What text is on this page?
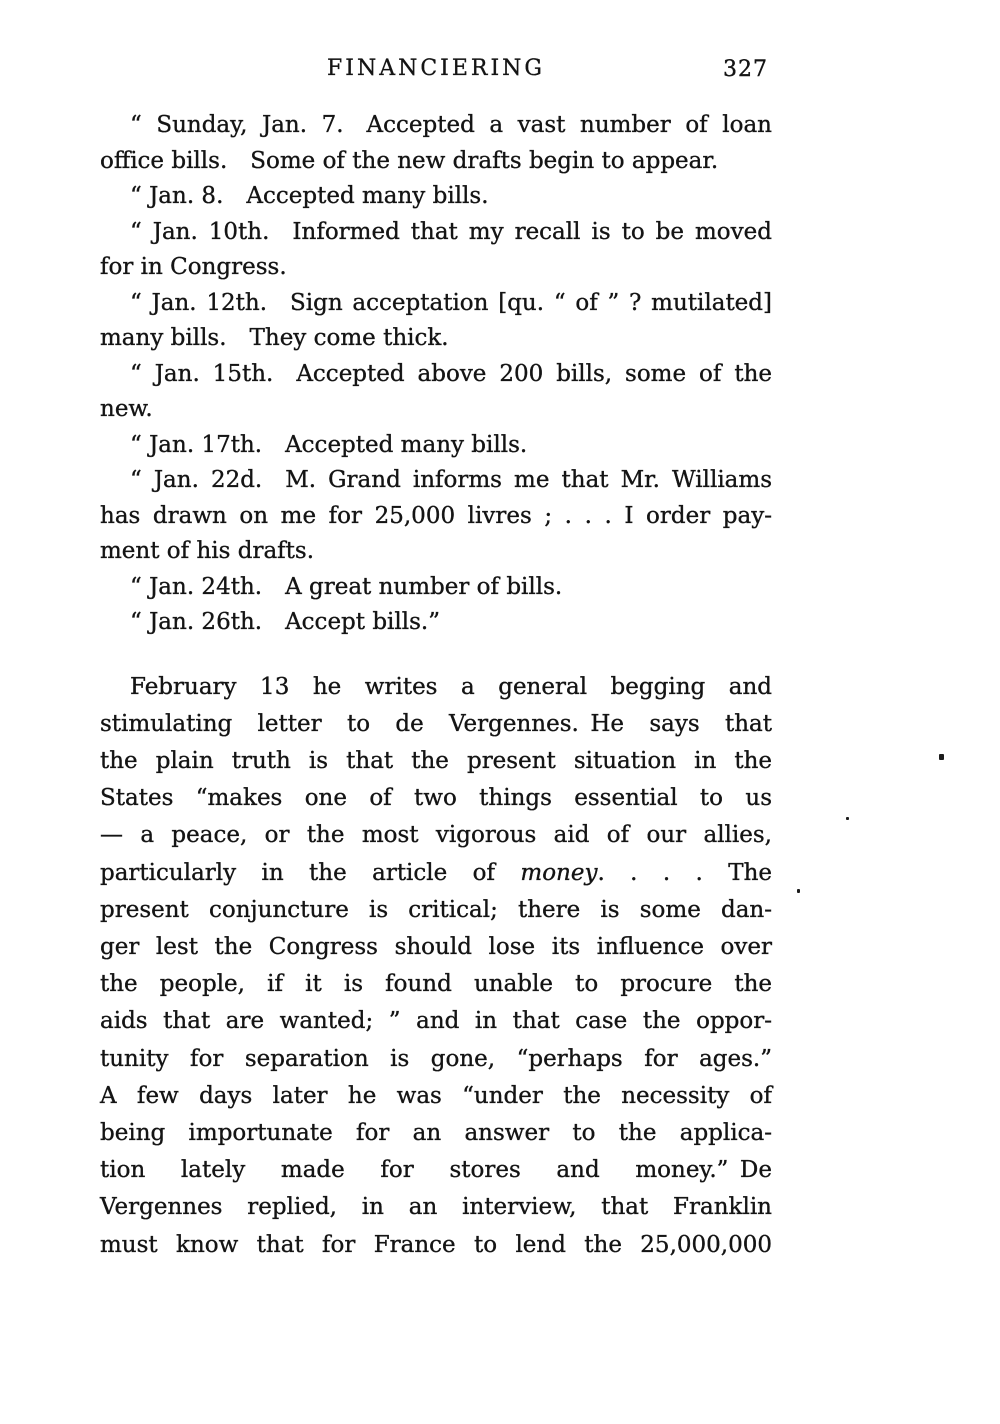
FINANCIERING	327
“ Sunday, Jan. 7. Accepted a vast number of loan
office bills. Some of the new drafts begin to appear.
“ Jan. 8. Accepted many bills.
“ Jan. 10th. Informed that my recall is to be moved
for in Congress.
“ Jan. 12th. Sign acceptation [qu. “ of ” ? mutilated]
many bills. They come thick.
“ Jan. 15th. Accepted above 200 bills, some of the
new.
“ Jan. 17th. Accepted many bills.
“ Jan. 22d. M. Grand informs me that Mr. Williams
has drawn on me for 25,000 livres ; . . . I order pay-
ment of his drafts.
“ Jan. 24th. A great number of bills.
“ Jan. 26th. Accept bills.”
February 13 he writes a general begging and
stimulating letter to de Vergennes. He says that
the plain truth is that the present situation in the
States “makes one of two things essential to us
— a peace, or the most vigorous aid of our allies,
particularly in the article of money. . . . The
present conjuncture is critical; there is some dan-
ger lest the Congress should lose its influence over
the people, if it is found unable to procure the
aids that are wanted; ” and in that case the oppor-
tunity for separation is gone, “perhaps for ages.”
A few days later he was “under the necessity of
being importunate for an answer to the applica-
tion lately made for stores and money.” De
Vergennes replied, in an interview, that Franklin
must know that for France to lend the 25,000,000
